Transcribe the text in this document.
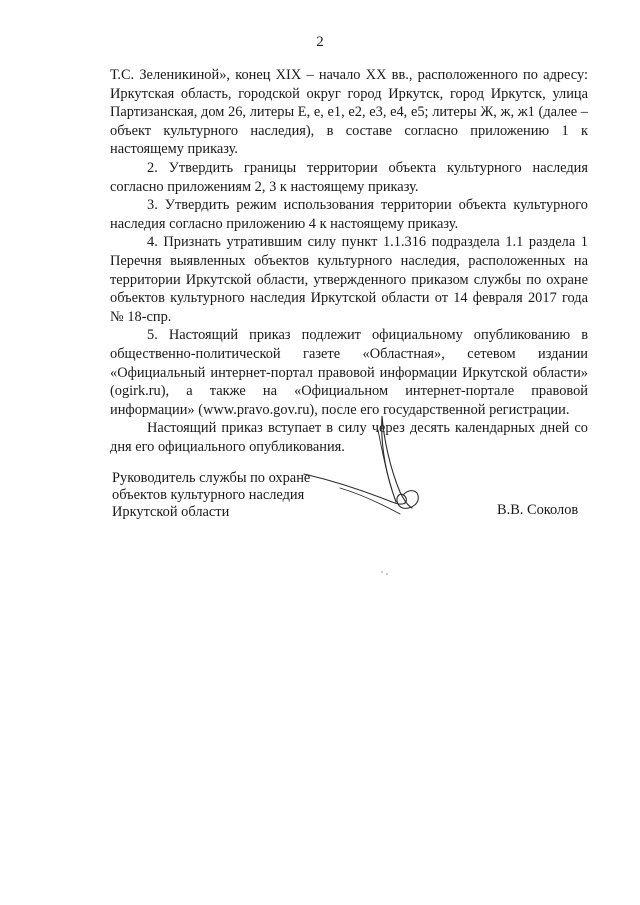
2

Т.С. Зеленикиной», конец XIX – начало XX вв., расположенного по адресу: Иркутская область, городской округ город Иркутск, город Иркутск, улица Партизанская, дом 26, литеры Е, е, е1, е2, е3, е4, е5; литеры Ж, ж, ж1 (далее – объект культурного наследия), в составе согласно приложению 1 к настоящему приказу.

2. Утвердить границы территории объекта культурного наследия согласно приложениям 2, 3 к настоящему приказу.

3. Утвердить режим использования территории объекта культурного наследия согласно приложению 4 к настоящему приказу.

4. Признать утратившим силу пункт 1.1.316 подраздела 1.1 раздела 1 Перечня выявленных объектов культурного наследия, расположенных на территории Иркутской области, утвержденного приказом службы по охране объектов культурного наследия Иркутской области от 14 февраля 2017 года № 18-спр.

5. Настоящий приказ подлежит официальному опубликованию в общественно-политической газете «Областная», сетевом издании «Официальный интернет-портал правовой информации Иркутской области» (ogirk.ru), а также на «Официальном интернет-портале правовой информации» (www.pravo.gov.ru), после его государственной регистрации.

Настоящий приказ вступает в силу через десять календарных дней со дня его официального опубликования.

Руководитель службы по охране
объектов культурного наследия
Иркутской области	В.В. Соколов
